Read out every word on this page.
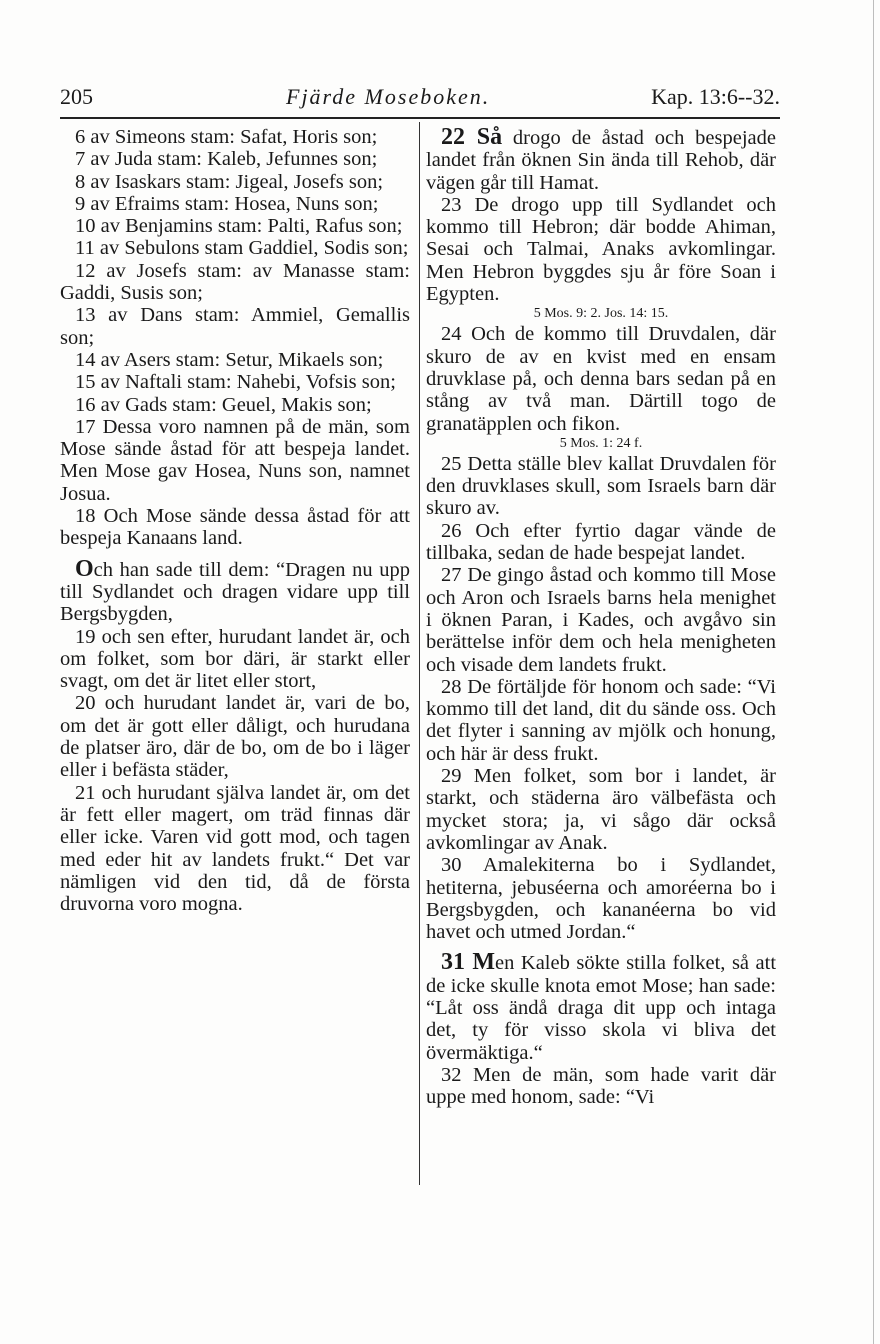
205	Fjärde Moseboken.	Kap. 13:6--32.

6 av Simeons stam: Safat, Horis son;

7 av Juda stam: Kaleb, Jefunnes son;

8 av Isaskars stam: Jigeal, Josefs son;

9 av Efraims stam: Hosea, Nuns son;

10 av Benjamins stam: Palti, Rafus son;

11 av Sebulons stam Gaddiel, Sodis son;

12 av Josefs stam: av Manasse stam: Gaddi, Susis son;

13 av Dans stam: Ammiel, Gemallis son;

14 av Asers stam: Setur, Mikaels son;

15 av Naftali stam: Nahebi, Vofsis son;

16 av Gads stam: Geuel, Makis son;

17 Dessa voro namnen på de män, som Mose sände åstad för att bespeja landet. Men Mose gav Hosea, Nuns son, namnet Josua.

18 Och Mose sände dessa åstad för att bespeja Kanaans land.

Och han sade till dem: “Dragen nu upp till Sydlandet och dragen vidare upp till Bergsbygden,

19 och sen efter, hurudant landet är, och om folket, som bor däri, är starkt eller svagt, om det är litet eller stort,

20 och hurudant landet är, vari de bo, om det är gott eller dåligt, och hurudana de platser äro, där de bo, om de bo i läger eller i befästa städer,

21 och hurudant själva landet är, om det är fett eller magert, om träd finnas där eller icke. Varen vid gott mod, och tagen med eder hit av landets frukt.“ Det var nämligen vid den tid, då de första druvorna voro mogna.

22 Så drogo de åstad och bespejade landet från öknen Sin ända till Rehob, där vägen går till Hamat.

23 De drogo upp till Sydlandet och kommo till Hebron; där bodde Ahiman, Sesai och Talmai, Anaks avkomlingar. Men Hebron byggdes sju år före Soan i Egypten.

5 Mos. 9: 2. Jos. 14: 15.

24 Och de kommo till Druvdalen, där skuro de av en kvist med en ensam druvklase på, och denna bars sedan på en stång av två man. Därtill togo de granatäpplen och fikon.

5 Mos. 1: 24 f.

25 Detta ställe blev kallat Druvdalen för den druvklases skull, som Israels barn där skuro av.

26 Och efter fyrtio dagar vände de tillbaka, sedan de hade bespejat landet.

27 De gingo åstad och kommo till Mose och Aron och Israels barns hela menighet i öknen Paran, i Kades, och avgåvo sin berättelse inför dem och hela menigheten och visade dem landets frukt.

28 De förtäljde för honom och sade: “Vi kommo till det land, dit du sände oss. Och det flyter i sanning av mjölk och honung, och här är dess frukt.

29 Men folket, som bor i landet, är starkt, och städerna äro välbefästa och mycket stora; ja, vi sågo där också avkomlingar av Anak.

30 Amalekiterna bo i Sydlandet, hetiterna, jebuséerna och amoréerna bo i Bergsbygden, och kananéerna bo vid havet och utmed Jordan.“

31 Men Kaleb sökte stilla folket, så att de icke skulle knota emot Mose; han sade: “Låt oss ändå draga dit upp och intaga det, ty för visso skola vi bliva det övermäktiga.“

32 Men de män, som hade varit där uppe med honom, sade: “Vi
